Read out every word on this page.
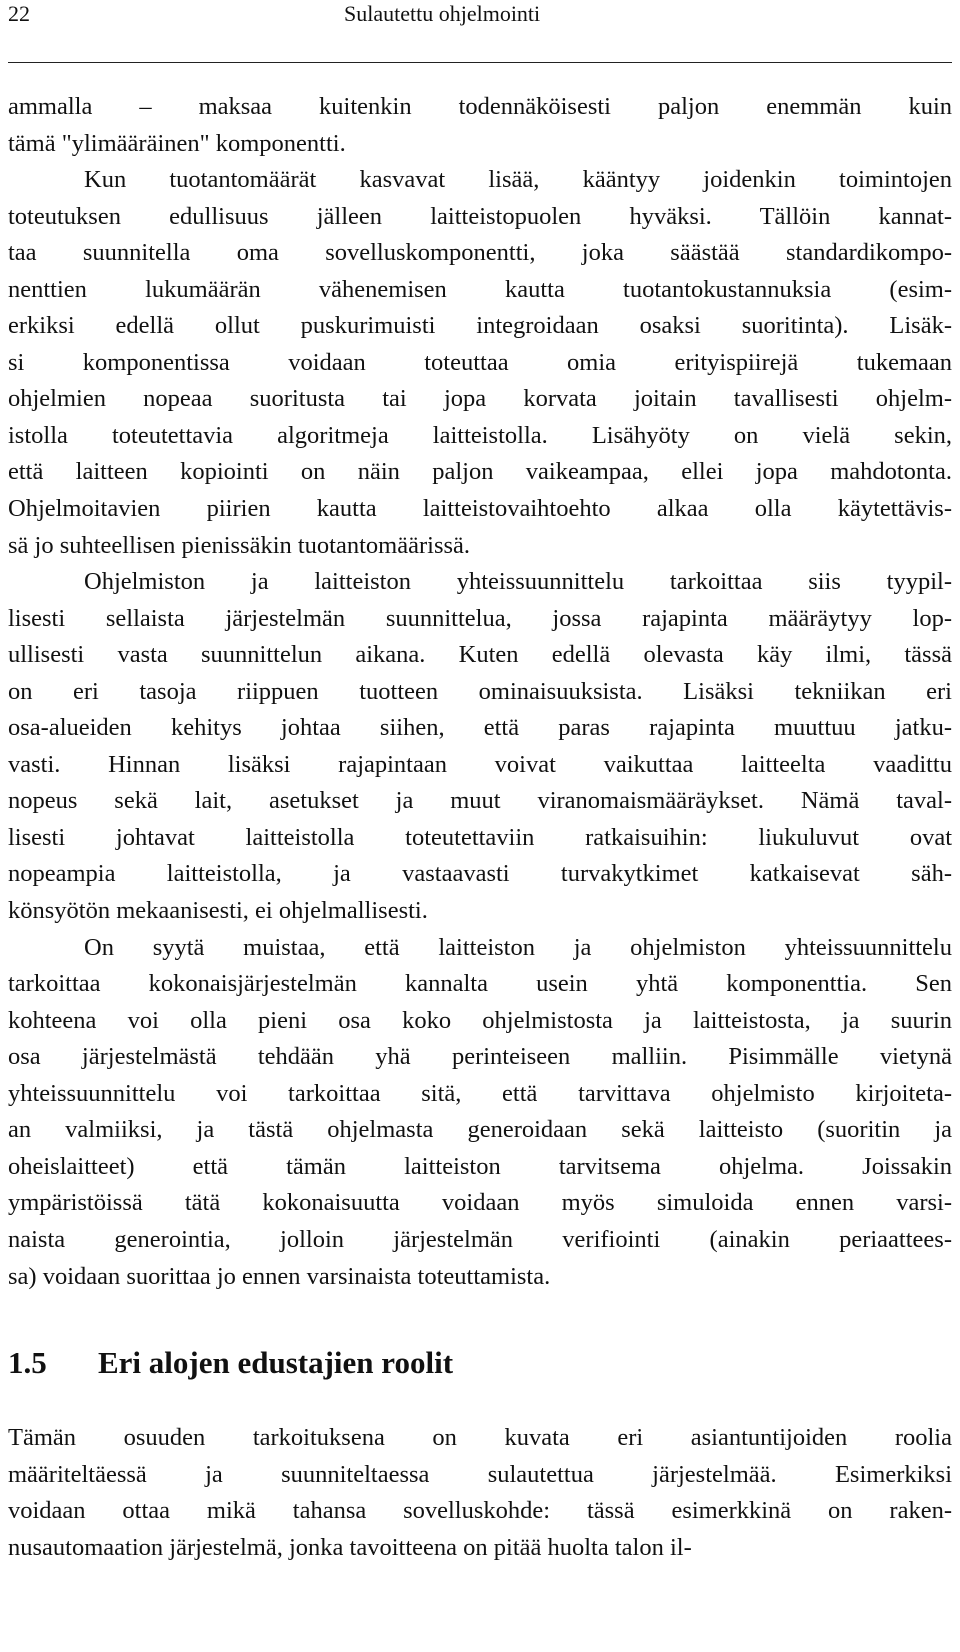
22	Sulautettu ohjelmointi
ammalla – maksaa kuitenkin todennäköisesti paljon enemmän kuin
tämä "ylimääräinen" komponentti.
Kun tuotantomäärät kasvavat lisää, kääntyy joidenkin toimintojen
toteutuksen edullisuus jälleen laitteistopuolen hyväksi. Tällöin kannat-
taa suunnitella oma sovelluskomponentti, joka säästää standardikompo-
nenttien lukumäärän vähenemisen kautta tuotantokustannuksia (esim-
erkiksi edellä ollut puskurimuisti integroidaan osaksi suoritinta). Lisäk-
si komponentissa voidaan toteuttaa omia erityispiirejä tukemaan
ohjelmien nopeaa suoritusta tai jopa korvata joitain tavallisesti ohjelm-
istolla toteutettavia algoritmeja laitteistolla. Lisähyöty on vielä sekin,
että laitteen kopiointi on näin paljon vaikeampaa, ellei jopa mahdotonta.
Ohjelmoitavien piirien kautta laitteistovaihtoehto alkaa olla käytettävis-
sä jo suhteellisen pienissäkin tuotantomäärissä.
Ohjelmiston ja laitteiston yhteissuunnittelu tarkoittaa siis tyypil-
lisesti sellaista järjestelmän suunnittelua, jossa rajapinta määräytyy lop-
ullisesti vasta suunnittelun aikana. Kuten edellä olevasta käy ilmi, tässä
on eri tasoja riippuen tuotteen ominaisuuksista. Lisäksi tekniikan eri
osa-alueiden kehitys johtaa siihen, että paras rajapinta muuttuu jatku-
vasti. Hinnan lisäksi rajapintaan voivat vaikuttaa laitteelta vaadittu
nopeus sekä lait, asetukset ja muut viranomaismääräykset. Nämä taval-
lisesti johtavat laitteistolla toteutettaviin ratkaisuihin: liukuluvut ovat
nopeampia laitteistolla, ja vastaavasti turvakytkimet katkaisevat säh-
könsyötön mekaanisesti, ei ohjelmallisesti.
On syytä muistaa, että laitteiston ja ohjelmiston yhteissuunnittelu
tarkoittaa kokonaisjärjestelmän kannalta usein yhtä komponenttia. Sen
kohteena voi olla pieni osa koko ohjelmistosta ja laitteistosta, ja suurin
osa järjestelmästä tehdään yhä perinteiseen malliin. Pisimmälle vietynä
yhteissuunnittelu voi tarkoittaa sitä, että tarvittava ohjelmisto kirjoiteta-
an valmiiksi, ja tästä ohjelmasta generoidaan sekä laitteisto (suoritin ja
oheislaitteet) että tämän laitteiston tarvitsema ohjelma. Joissakin
ympäristöissä tätä kokonaisuutta voidaan myös simuloida ennen varsi-
naista generointia, jolloin järjestelmän verifiointi (ainakin periaattees-
sa) voidaan suorittaa jo ennen varsinaista toteuttamista.
1.5 Eri alojen edustajien roolit
Tämän osuuden tarkoituksena on kuvata eri asiantuntijoiden roolia
määriteltäessä ja suunniteltaessa sulautettua järjestelmää. Esimerkiksi
voidaan ottaa mikä tahansa sovelluskohde: tässä esimerkkinä on raken-
nusautomaation järjestelmä, jonka tavoitteena on pitää huolta talon il-
